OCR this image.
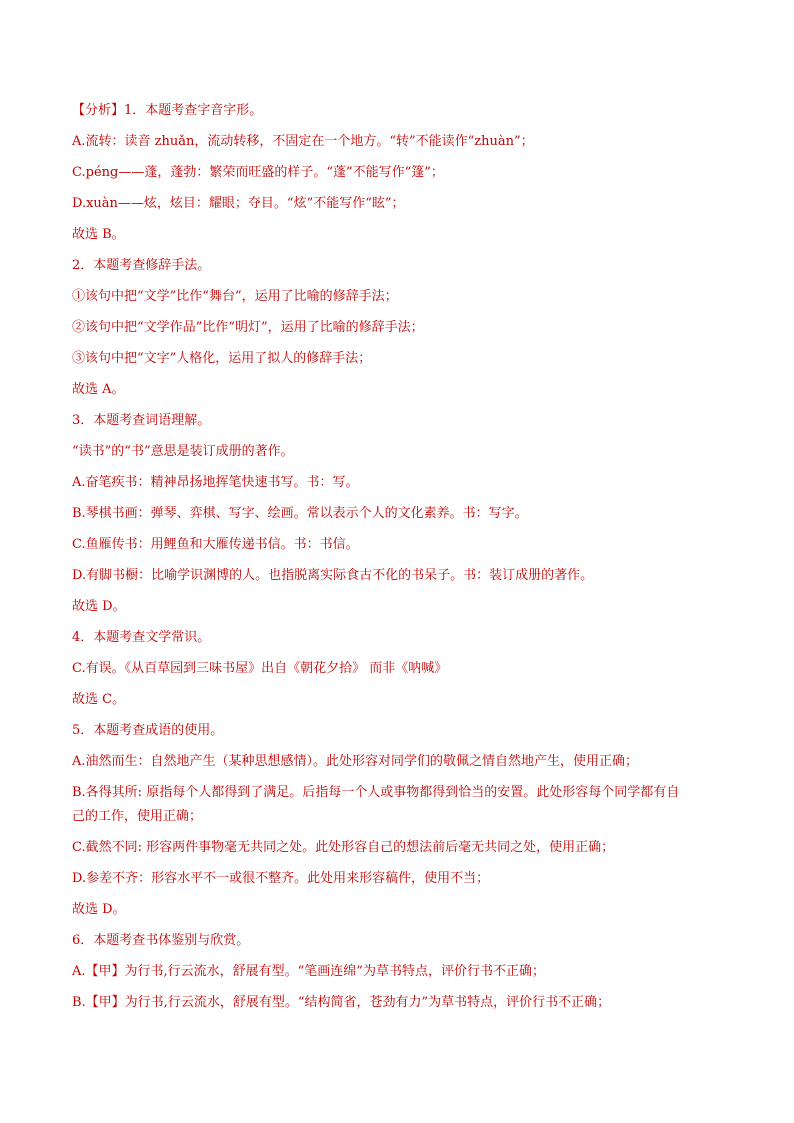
【分析】1．本题考查字音字形。
A.流转：读音 zhuǎn，流动转移，不固定在一个地方。“转”不能读作“zhuàn”；
C.péng——蓬，蓬勃：繁荣而旺盛的样子。“蓬”不能写作“篷”；
D.xuàn——炫，炫目：耀眼；夺目。“炫”不能写作“眩”；
故选 B。
2．本题考查修辞手法。
①该句中把“文学”比作“舞台”，运用了比喻的修辞手法；
②该句中把“文学作品”比作“明灯”，运用了比喻的修辞手法；
③该句中把“文字”人格化，运用了拟人的修辞手法；
故选 A。
3．本题考查词语理解。
“读书”的“书”意思是装订成册的著作。
A.奋笔疾书：精神昂扬地挥笔快速书写。书：写。
B.琴棋书画：弹琴、弈棋、写字、绘画。常以表示个人的文化素养。书：写字。
C.鱼雁传书：用鲤鱼和大雁传递书信。书：书信。
D.有脚书橱：比喻学识渊博的人。也指脱离实际食古不化的书呆子。书：装订成册的著作。
故选 D。
4．本题考查文学常识。
C.有误。《从百草园到三味书屋》出自《朝花夕拾》 而非《呐喊》
故选 C。
5．本题考查成语的使用。
A.油然而生：自然地产生（某种思想感情）。此处形容对同学们的敬佩之情自然地产生，使用正确；
B.各得其所: 原指每个人都得到了满足。后指每一个人或事物都得到恰当的安置。此处形容每个同学都有自
己的工作，使用正确；
C.截然不同: 形容两件事物毫无共同之处。此处形容自己的想法前后毫无共同之处，使用正确；
D.参差不齐：形容水平不一或很不整齐。此处用来形容稿件，使用不当；
故选 D。
6．本题考查书体鉴别与欣赏。
A.【甲】为行书,行云流水，舒展有型。“笔画连绵”为草书特点，评价行书不正确；
B.【甲】为行书,行云流水，舒展有型。“结构简省，苍劲有力”为草书特点，评价行书不正确；
